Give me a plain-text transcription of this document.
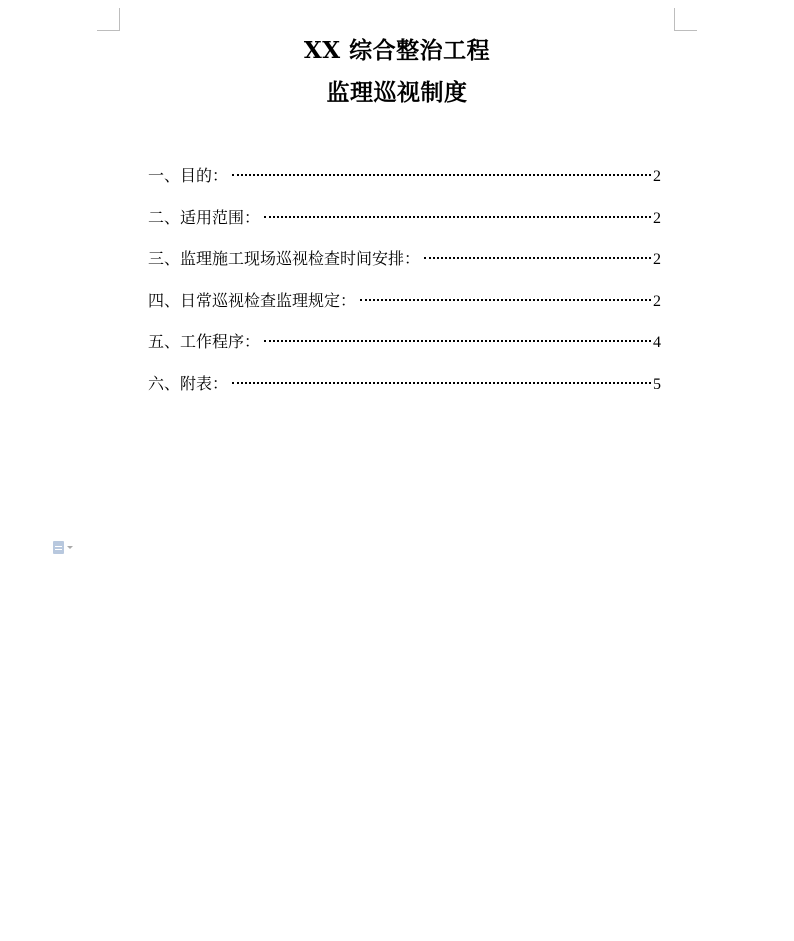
XX 综合整治工程
监理巡视制度
一、目的：	2
二、适用范围：	2
三、监理施工现场巡视检查时间安排：	2
四、日常巡视检查监理规定：	2
五、工作程序：	4
六、附表：	5
